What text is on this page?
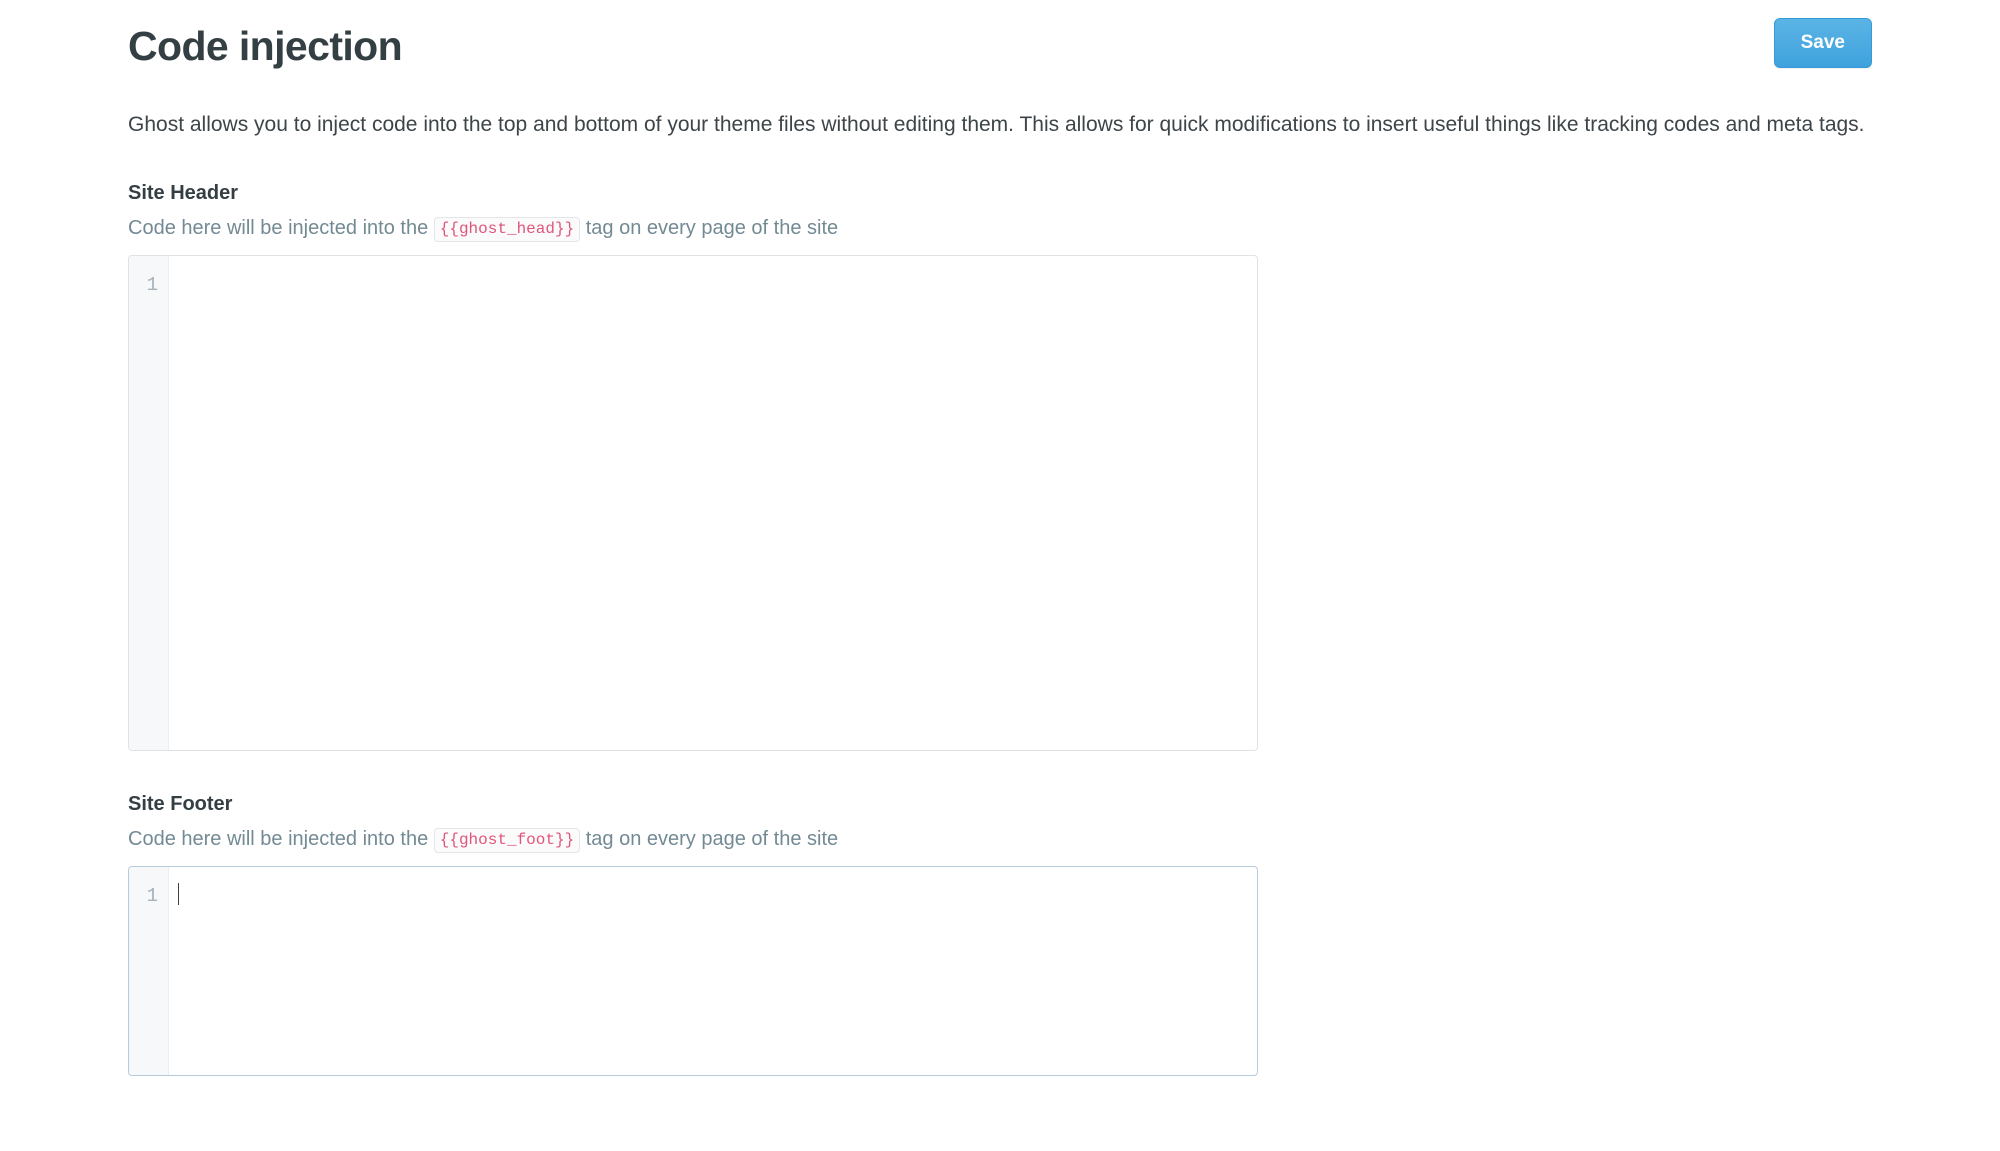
Code injection	Save

Ghost allows you to inject code into the top and bottom of your theme files without editing them. This allows for quick modifications to insert useful things like tracking codes and meta tags.

Site Header
Code here will be injected into the {{ghost_head}} tag on every page of the site
1
Site Footer
Code here will be injected into the {{ghost_foot}} tag on every page of the site
1
